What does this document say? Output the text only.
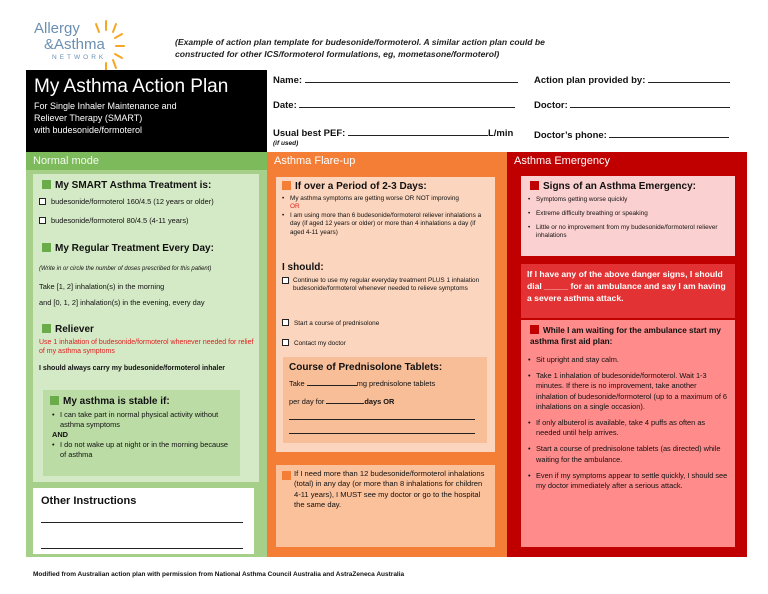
Allergy
&Asthma
NETWORK
(Example of action plan template for budesonide/formoterol. A similar action plan could be constructed for other ICS/formoterol formulations, eg, mometasone/formoterol)
My Asthma Action Plan
For Single Inhaler Maintenance and
Reliever Therapy (SMART)
with budesonide/formoterol
Name:
Date:
Usual best PEF:	L/min
(if used)
Action plan provided by:
Doctor:
Doctor’s phone:
Normal mode
My SMART Asthma Treatment is:
budesonide/formoterol 160/4.5 (12 years or older)
budesonide/formoterol 80/4.5 (4-11 years)
My Regular Treatment Every Day:
(Write in or circle the number of doses prescribed for this patient)
Take [1, 2] inhalation(s) in the morning
and [0, 1, 2] inhalation(s) in the evening, every day
Reliever
Use 1 inhalation of budesonide/formoterol whenever needed for relief of my asthma symptoms
I should always carry my budesonide/formoterol inhaler
My asthma is stable if:
• I can take part in normal physical activity without asthma symptoms
AND
• I do not wake up at night or in the morning because of asthma
Other Instructions
Asthma Flare-up
If over a Period of 2-3 Days:
• My asthma symptoms are getting worse OR NOT improving
OR
• I am using more than 6 budesonide/formoterol reliever inhalations a day (if aged 12 years or older) or more than 4 inhalations a day (if aged 4-11 years)
I should:
Continue to use my regular everyday treatment PLUS 1 inhalation budesonide/formoterol whenever needed to relieve symptoms
Start a course of prednisolone
Contact my doctor
Course of Prednisolone Tablets:
Take	mg prednisolone tablets
per day for	days OR
If I need more than 12 budesonide/formoterol inhalations (total) in any day (or more than 8 inhalations for children 4-11 years), I MUST see my doctor or go to the hospital the same day.
Asthma Emergency
Signs of an Asthma Emergency:
• Symptoms getting worse quickly
• Extreme difficulty breathing or speaking
• Little or no improvement from my budesonide/formoterol reliever inhalations
If I have any of the above danger signs, I should dial _____ for an ambulance and say I am having a severe asthma attack.
While I am waiting for the ambulance start my asthma first aid plan:
• Sit upright and stay calm.
• Take 1 inhalation of budesonide/formoterol. Wait 1-3 minutes. If there is no improvement, take another inhalation of budesonide/formoterol (up to a maximum of 6 inhalations on a single occasion).
• If only albuterol is available, take 4 puffs as often as needed until help arrives.
• Start a course of prednisolone tablets (as directed) while waiting for the ambulance.
• Even if my symptoms appear to settle quickly, I should see my doctor immediately after a serious attack.
Modified from Australian action plan with permission from National Asthma Council Australia and AstraZeneca Australia
